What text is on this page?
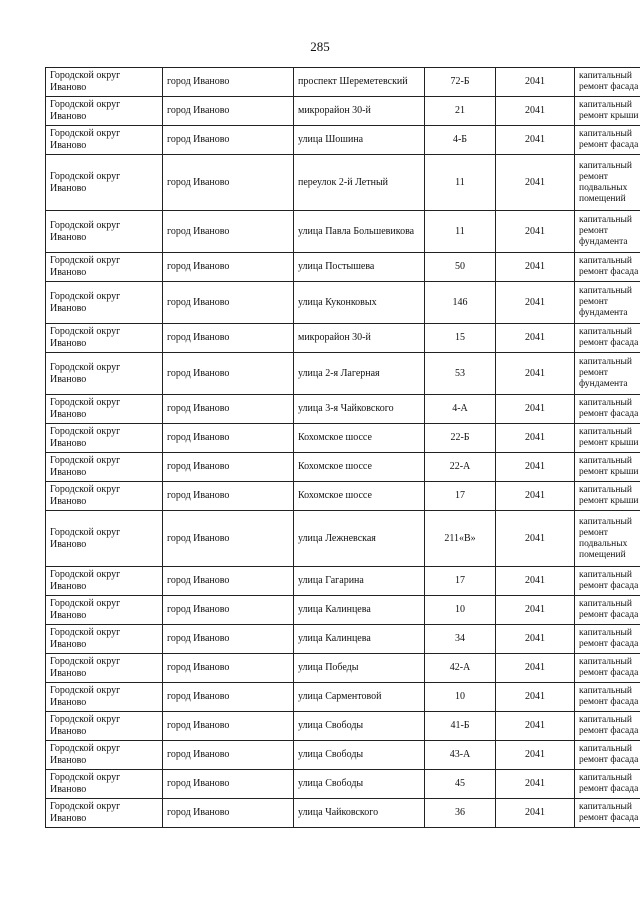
285
Городской округ Иваново	город Иваново	проспект Шереметевский	72-Б	2041	капитальный ремонт фасада
Городской округ Иваново	город Иваново	микрорайон 30-й	21	2041	капитальный ремонт крыши
Городской округ Иваново	город Иваново	улица Шошина	4-Б	2041	капитальный ремонт фасада
Городской округ Иваново	город Иваново	переулок 2-й Летный	11	2041	капитальный ремонт подвальных помещений
Городской округ Иваново	город Иваново	улица Павла Большевикова	11	2041	капитальный ремонт фундамента
Городской округ Иваново	город Иваново	улица Постышева	50	2041	капитальный ремонт фасада
Городской округ Иваново	город Иваново	улица Куконковых	146	2041	капитальный ремонт фундамента
Городской округ Иваново	город Иваново	микрорайон 30-й	15	2041	капитальный ремонт фасада
Городской округ Иваново	город Иваново	улица 2-я Лагерная	53	2041	капитальный ремонт фундамента
Городской округ Иваново	город Иваново	улица 3-я Чайковского	4-А	2041	капитальный ремонт фасада
Городской округ Иваново	город Иваново	Кохомское шоссе	22-Б	2041	капитальный ремонт крыши
Городской округ Иваново	город Иваново	Кохомское шоссе	22-А	2041	капитальный ремонт крыши
Городской округ Иваново	город Иваново	Кохомское шоссе	17	2041	капитальный ремонт крыши
Городской округ Иваново	город Иваново	улица Лежневская	211«В»	2041	капитальный ремонт подвальных помещений
Городской округ Иваново	город Иваново	улица Гагарина	17	2041	капитальный ремонт фасада
Городской округ Иваново	город Иваново	улица Калинцева	10	2041	капитальный ремонт фасада
Городской округ Иваново	город Иваново	улица Калинцева	34	2041	капитальный ремонт фасада
Городской округ Иваново	город Иваново	улица Победы	42-А	2041	капитальный ремонт фасада
Городской округ Иваново	город Иваново	улица Сарментовой	10	2041	капитальный ремонт фасада
Городской округ Иваново	город Иваново	улица Свободы	41-Б	2041	капитальный ремонт фасада
Городской округ Иваново	город Иваново	улица Свободы	43-А	2041	капитальный ремонт фасада
Городской округ Иваново	город Иваново	улица Свободы	45	2041	капитальный ремонт фасада
Городской округ Иваново	город Иваново	улица Чайковского	36	2041	капитальный ремонт фасада
